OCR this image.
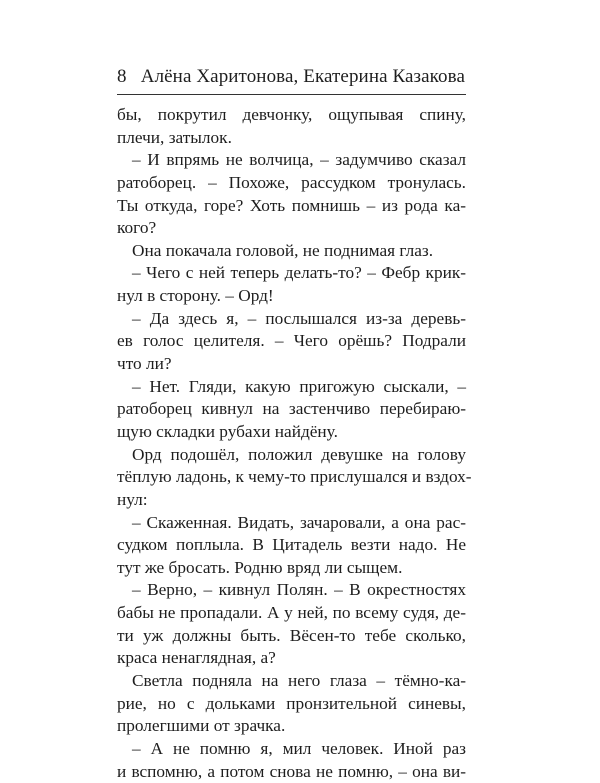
8 Алёна Харитонова, Екатерина Казакова
бы, покрутил девчонку, ощупывая спину,
плечи, затылок.
– И впрямь не волчица, – задумчиво сказал
ратоборец. – Похоже, рассудком тронулась.
Ты откуда, горе? Хоть помнишь – из рода ка-
кого?
Она покачала головой, не поднимая глаз.
– Чего с ней теперь делать-то? – Фебр крик-
нул в сторону. – Орд!
– Да здесь я, – послышался из-за деревь-
ев голос целителя. – Чего орёшь? Подрали
что ли?
– Нет. Гляди, какую пригожую сыскали, –
ратоборец кивнул на застенчиво перебираю-
щую складки рубахи найдёну.
Орд подошёл, положил девушке на голову
тёплую ладонь, к чему-то прислушался и вздох-
нул:
– Скаженная. Видать, зачаровали, а она рас-
судком поплыла. В Цитадель везти надо. Не
тут же бросать. Родню вряд ли сыщем.
– Верно, – кивнул Полян. – В окрестностях
бабы не пропадали. А у ней, по всему судя, де-
ти уж должны быть. Вёсен-то тебе сколько,
краса ненаглядная, а?
Светла подняла на него глаза – тёмно-ка-
рие, но с дольками пронзительной синевы,
пролегшими от зрачка.
– А не помню я, мил человек. Иной раз
и вспомню, а потом снова не помню, – она ви-
